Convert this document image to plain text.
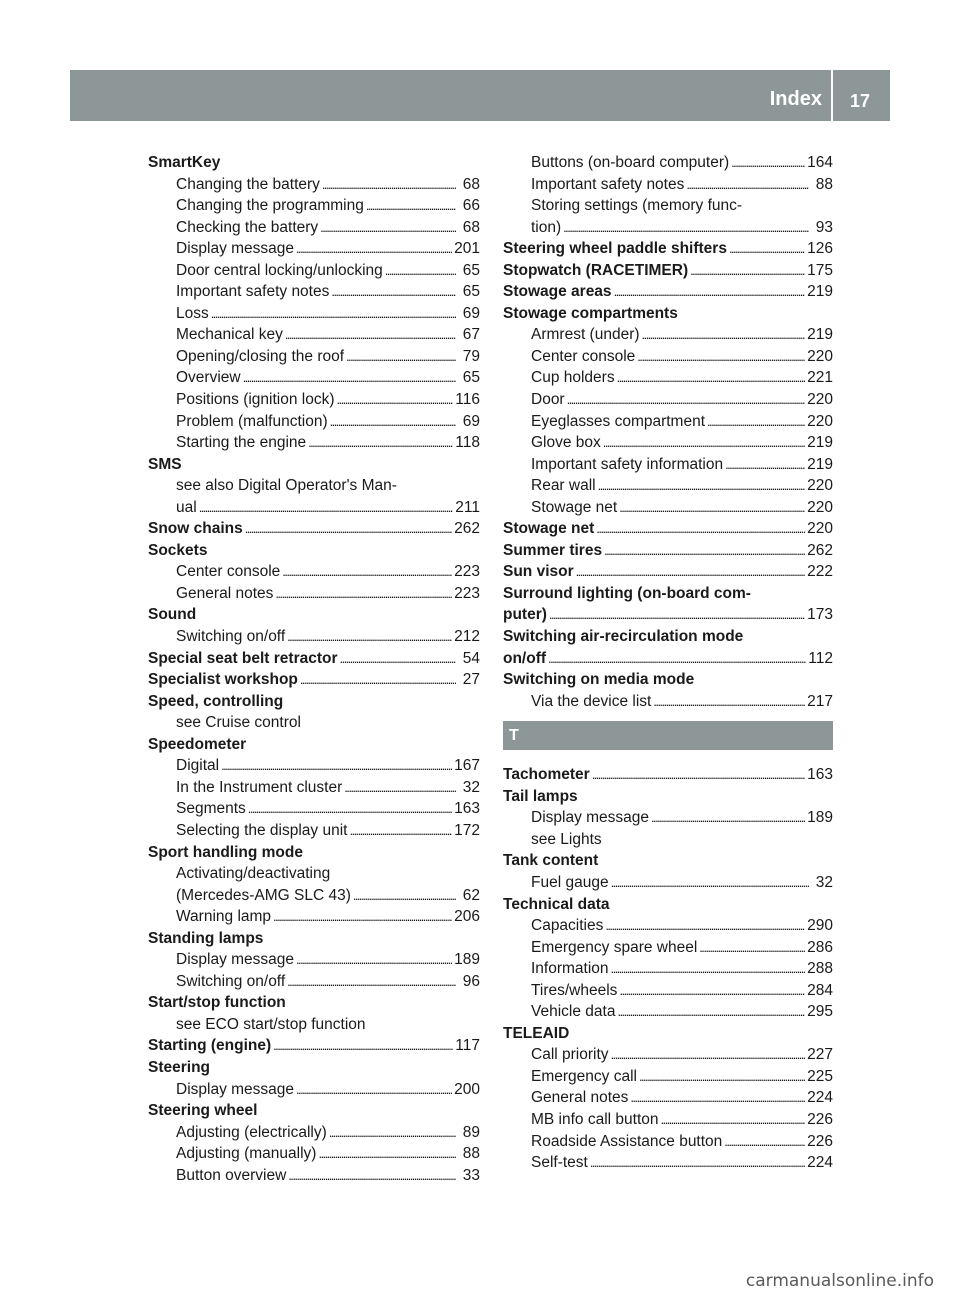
Index 17
SmartKey
Changing the battery . . .	68
Changing the programming . . .	66
Checking the battery . . .	68
Display message . . .	201
Door central locking/unlocking . . .	65
Important safety notes . . .	65
Loss . . .	69
Mechanical key . . .	67
Opening/closing the roof . . .	79
Overview . . .	65
Positions (ignition lock) . . .	116
Problem (malfunction) . . .	69
Starting the engine . . .	118
SMS
see also Digital Operator's Man-
ual . . .	211
Snow chains . . .	262
Sockets
Center console . . .	223
General notes . . .	223
Sound
Switching on/off . . .	212
Special seat belt retractor . . .	54
Specialist workshop . . .	27
Speed, controlling
see Cruise control
Speedometer
Digital . . .	167
In the Instrument cluster . . .	32
Segments . . .	163
Selecting the display unit . . .	172
Sport handling mode
Activating/deactivating
(Mercedes-AMG SLC 43) . . .	62
Warning lamp . . .	206
Standing lamps
Display message . . .	189
Switching on/off . . .	96
Start/stop function
see ECO start/stop function
Starting (engine) . . .	117
Steering
Display message . . .	200
Steering wheel
Adjusting (electrically) . . .	89
Adjusting (manually) . . .	88
Button overview . . .	33
Buttons (on-board computer) . . .	164
Important safety notes . . .	88
Storing settings (memory func-
tion) . . .	93
Steering wheel paddle shifters . . .	126
Stopwatch (RACETIMER) . . .	175
Stowage areas . . .	219
Stowage compartments
Armrest (under) . . .	219
Center console . . .	220
Cup holders . . .	221
Door . . .	220
Eyeglasses compartment . . .	220
Glove box . . .	219
Important safety information . . .	219
Rear wall . . .	220
Stowage net . . .	220
Stowage net . . .	220
Summer tires . . .	262
Sun visor . . .	222
Surround lighting (on-board com-
puter) . . .	173
Switching air-recirculation mode
on/off . . .	112
Switching on media mode
Via the device list . . .	217
T
Tachometer . . .	163
Tail lamps
Display message . . .	189
see Lights
Tank content
Fuel gauge . . .	32
Technical data
Capacities . . .	290
Emergency spare wheel . . .	286
Information . . .	288
Tires/wheels . . .	284
Vehicle data . . .	295
TELEAID
Call priority . . .	227
Emergency call . . .	225
General notes . . .	224
MB info call button . . .	226
Roadside Assistance button . . .	226
Self-test . . .	224
carmanualsonline.info
